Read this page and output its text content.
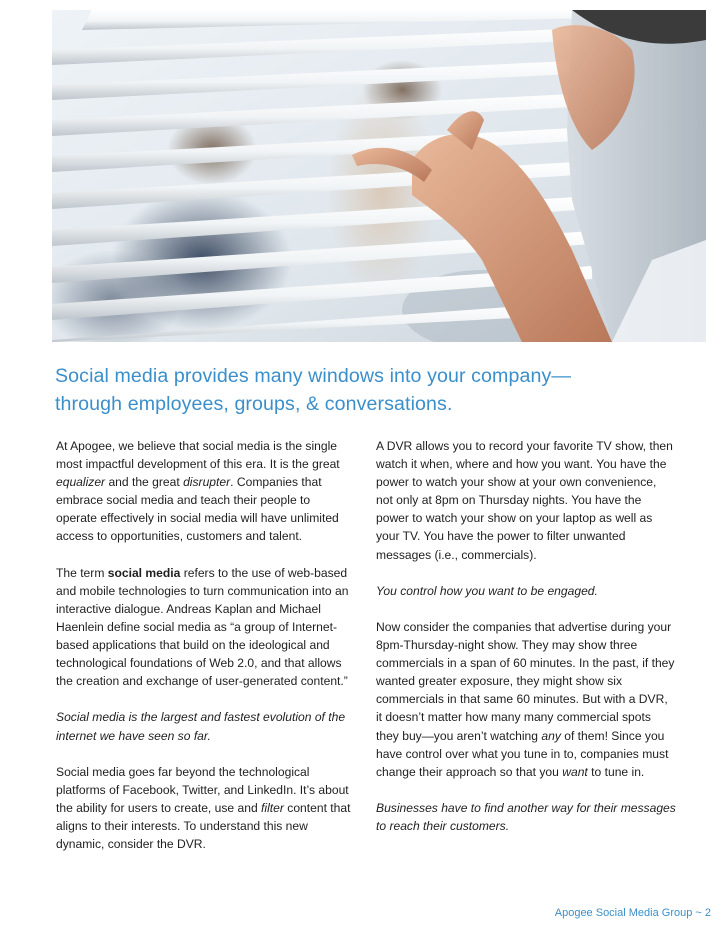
Social media provides many windows into your company—
through employees, groups, & conversations.

At Apogee, we believe that social media is the single most impactful development of this era. It is the great equalizer and the great disrupter. Companies that embrace social media and teach their people to operate effectively in social media will have unlimited access to opportunities, customers and talent.

The term social media refers to the use of web-based and mobile technologies to turn communication into an interactive dialogue. Andreas Kaplan and Michael Haenlein define social media as “a group of Internet-based applications that build on the ideological and technological foundations of Web 2.0, and that allows the creation and exchange of user-generated content.”

Social media is the largest and fastest evolution of the internet we have seen so far.

Social media goes far beyond the technological platforms of Facebook, Twitter, and LinkedIn. It’s about the ability for users to create, use and filter content that aligns to their interests. To understand this new dynamic, consider the DVR.

A DVR allows you to record your favorite TV show, then watch it when, where and how you want. You have the power to watch your show at your own convenience, not only at 8pm on Thursday nights. You have the power to watch your show on your laptop as well as your TV. You have the power to filter unwanted messages (i.e., commercials).

You control how you want to be engaged.

Now consider the companies that advertise during your 8pm-Thursday-night show. They may show three commercials in a span of 60 minutes. In the past, if they wanted greater exposure, they might show six commercials in that same 60 minutes. But with a DVR, it doesn’t matter how many many commercial spots they buy—you aren’t watching any of them! Since you have control over what you tune in to, companies must change their approach so that you want to tune in.

Businesses have to find another way for their messages to reach their customers.

Apogee Social Media Group ~ 2
